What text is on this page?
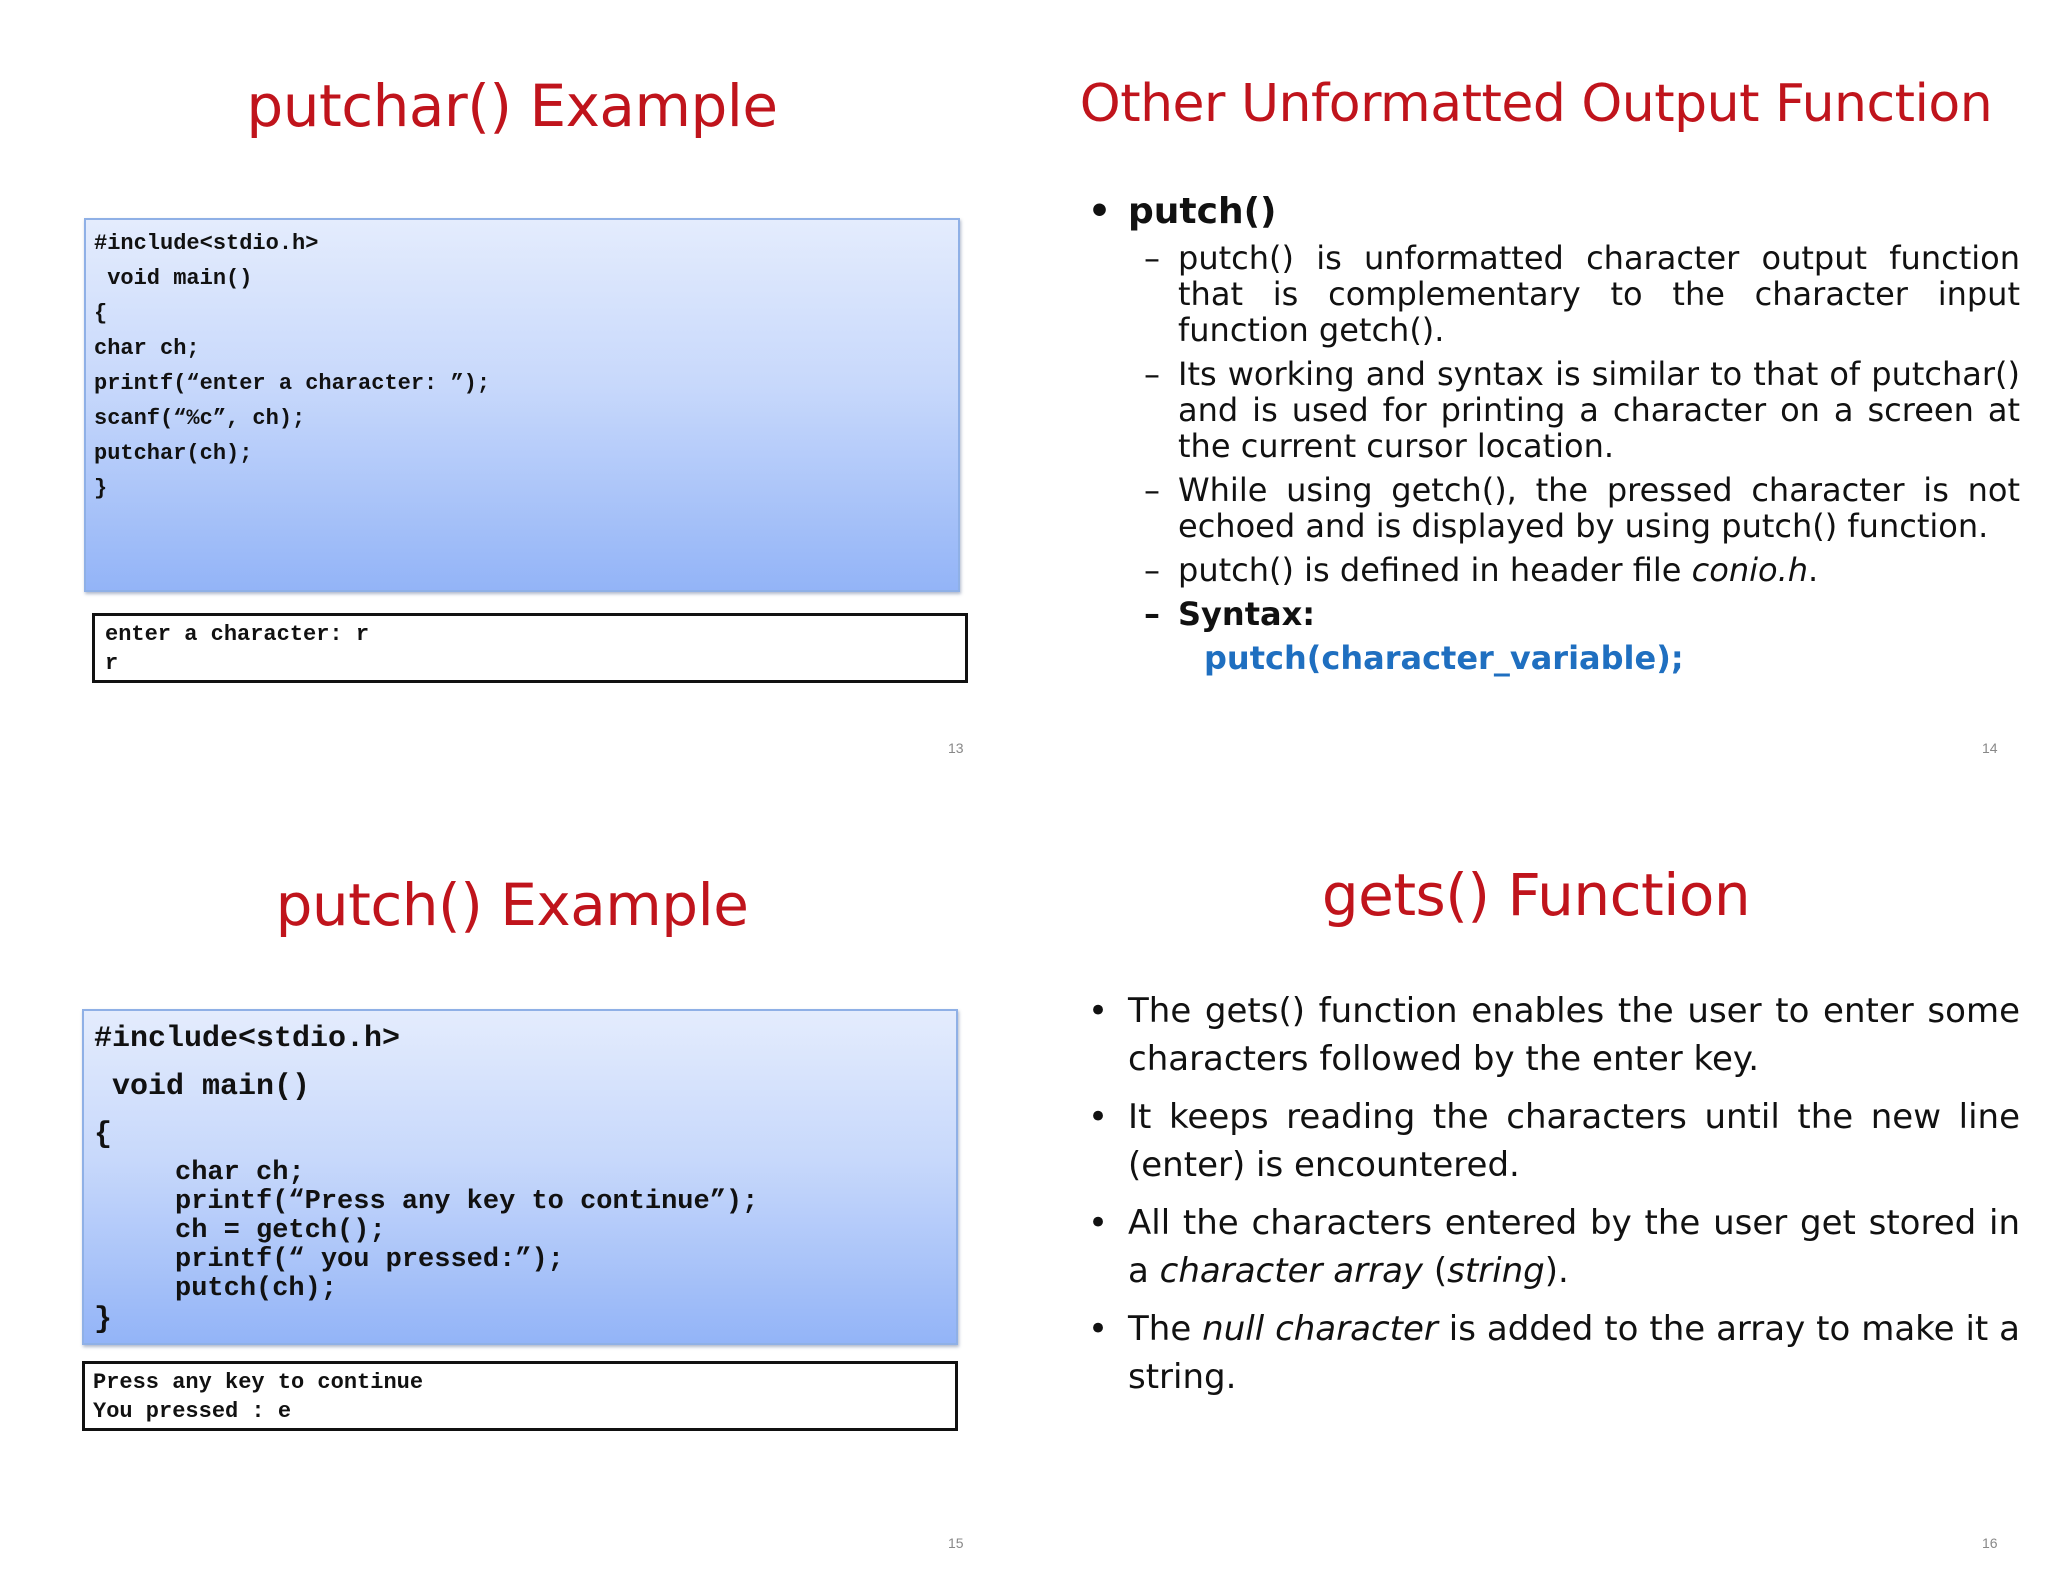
putchar() Example
#include<stdio.h>
void main()
{
char ch;
printf(“enter a character: ”);
scanf(“%c”, ch);
putchar(ch);
}
enter a character: r
r
13
Other Unformatted Output Function
• putch()
– putch() is unformatted character output function that is complementary to the character input function getch().
– Its working and syntax is similar to that of putchar() and is used for printing a character on a screen at the current cursor location.
– While using getch(), the pressed character is not echoed and is displayed by using putch() function.
– putch() is defined in header file conio.h.
– Syntax:
putch(character_variable);
14
putch() Example
#include<stdio.h>
void main()
{
char ch;
printf(“Press any key to continue”);
ch = getch();
printf(“ you pressed:”);
putch(ch);
}
Press any key to continue
You pressed : e
15
gets() Function
• The gets() function enables the user to enter some characters followed by the enter key.
• It keeps reading the characters until the new line (enter) is encountered.
• All the characters entered by the user get stored in a character array (string).
• The null character is added to the array to make it a string.
16
